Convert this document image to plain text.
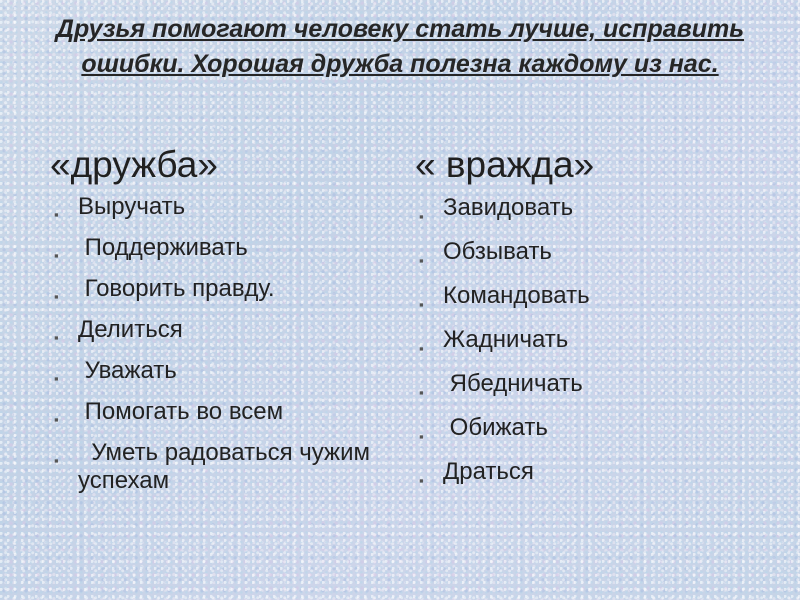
Друзья помогают человеку стать лучше, исправить ошибки. Хорошая дружба полезна каждому из нас.
«дружба»
▪ Выручать
▪ Поддерживать
▪ Говорить правду.
▪ Делиться
▪ Уважать
▪ Помогать во всем
▪ Уметь радоваться чужим успехам
« вражда»
▪ Завидовать
▪ Обзывать
▪ Командовать
▪ Жадничать
▪ Ябедничать
▪ Обижать
▪ Драться
